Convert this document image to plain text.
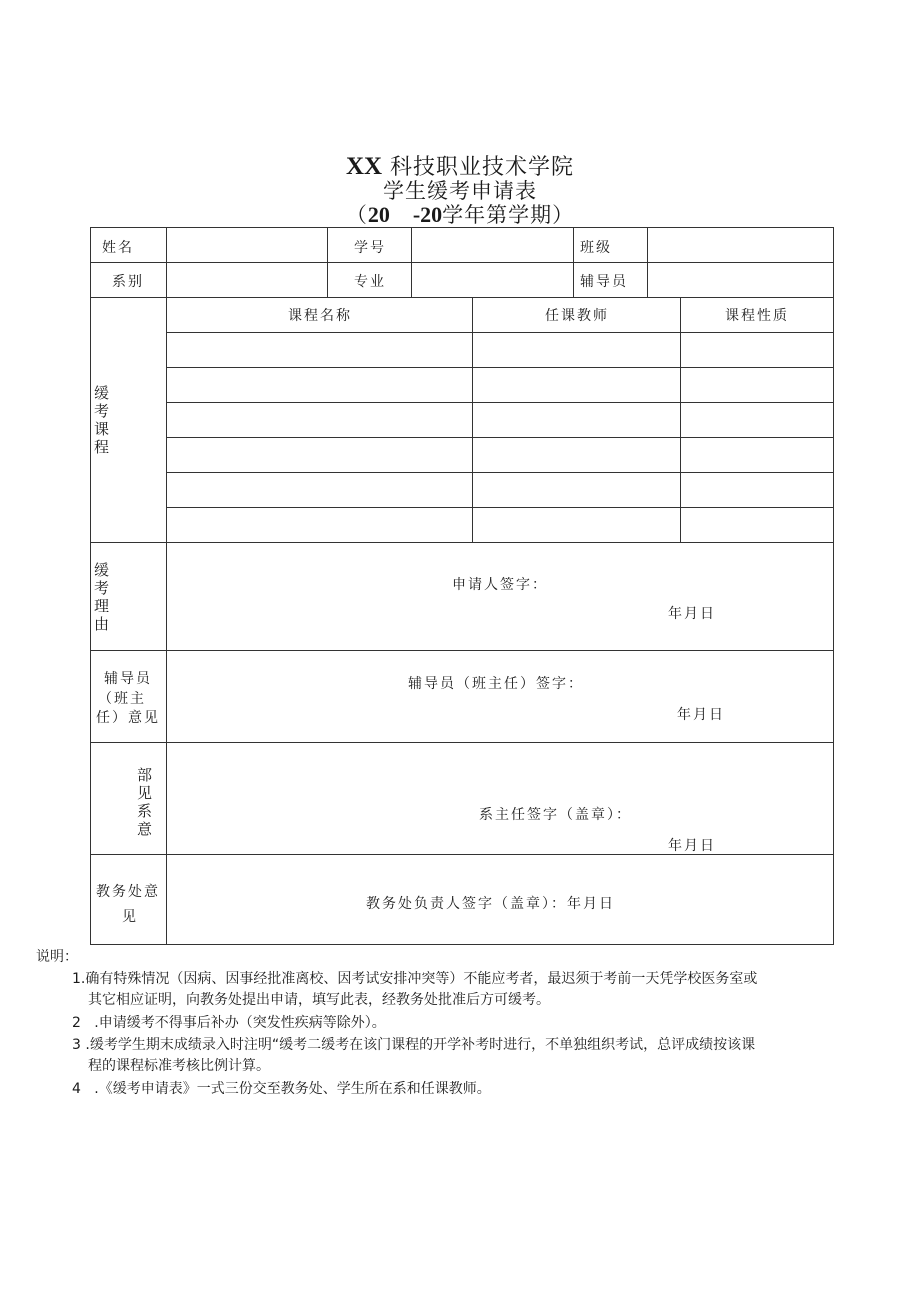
XX 科技职业技术学院
学生缓考申请表
（20 -20学年第学期）
姓名	学号	班级
系别	专业	辅导员
缓考课程
课程名称	任课教师	课程性质
缓考理由
申请人签字：
年月日
辅导员
（班主
任）意见
辅导员（班主任）签字：
年月日
部见系意
系主任签字（盖章）：
年月日
教务处意
见
教务处负责人签字（盖章）：年月日
说明：
1.确有特殊情况（因病、因事经批准离校、因考试安排冲突等）不能应考者，最迟须于考前一天凭学校医务室或
其它相应证明，向教务处提出申请，填写此表，经教务处批准后方可缓考。
2 .申请缓考不得事后补办（突发性疾病等除外）。
3 .缓考学生期末成绩录入时注明“缓考二缓考在该门课程的开学补考时进行，不单独组织考试，总评成绩按该课
程的课程标准考核比例计算。
4 .《缓考申请表》一式三份交至教务处、学生所在系和任课教师。
